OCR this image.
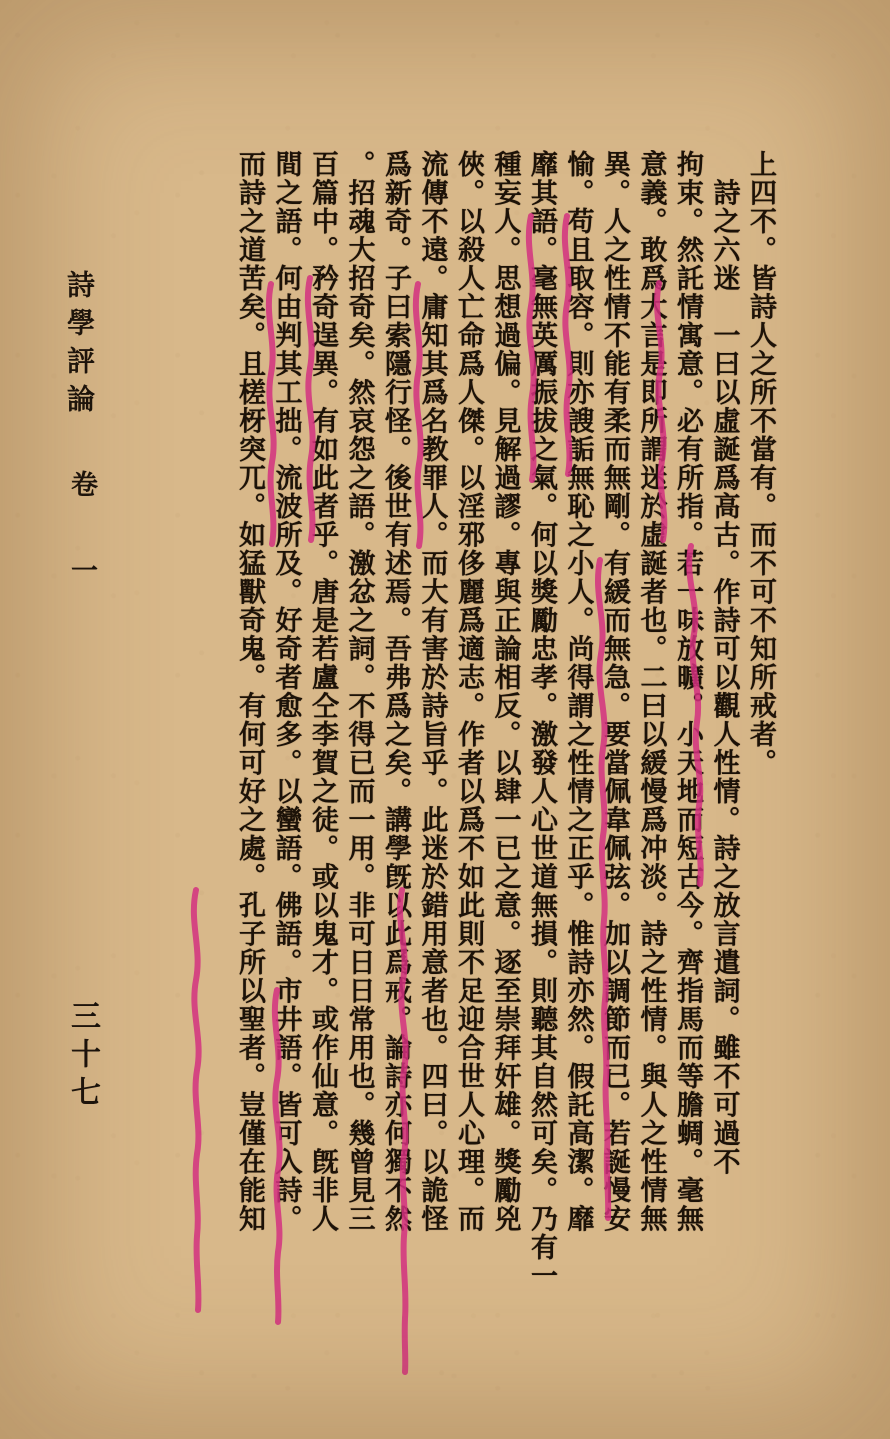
詩學評論
卷 一
三十七
上四不。皆詩人之所不當有。而不可不知所戒者。
　詩之六迷　一曰以虛誕爲高古。作詩可以觀人性情。詩之放言遣詞。雖不可過不
拘束。然託情寓意。必有所指。若一味放曠。小天地而短古今。齊指馬而等膽蜩。毫無
意義。敢爲大言是即所謂迷於虛誕者也。二曰以緩慢爲冲淡。詩之性情。與人之性情無
異。人之性情不能有柔而無剛。有緩而無急。要當佩韋佩弦。加以調節而已。若誕慢安
愉。苟且取容。則亦謏詬無恥之小人。尚得謂之性情之正乎。惟詩亦然。假託高潔。靡
靡其語。毫無英厲振拔之氣。何以獎勵忠孝。激發人心世道無損。則聽其自然可矣。乃有一
種妄人。思想過偏。見解過謬。專與正論相反。以肆一已之意。逐至崇拜奸雄。獎勵兇
俠。以殺人亡命爲人傑。以淫邪侈麗爲適志。作者以爲不如此則不足迎合世人心理。而
流傳不遠。庸知其爲名教罪人。而大有害於詩旨乎。此迷於錯用意者也。四曰。以詭怪
爲新奇。子曰索隱行怪。後世有述焉。吾弗爲之矣。講學旣以此爲戒。論詩亦何獨不然
。招魂大招奇矣。然哀怨之語。激忿之詞。不得已而一用。非可日日常用也。幾曾見三
百篇中。矜奇逞異。有如此者乎。唐是若盧仝李賀之徒。或以鬼才。或作仙意。旣非人
間之語。何由判其工拙。流波所及。好奇者愈多。以蠻語。佛語。市井語。皆可入詩。
而詩之道苦矣。且槎枒突兀。如猛獸奇鬼。有何可好之處。孔子所以聖者。豈僅在能知
